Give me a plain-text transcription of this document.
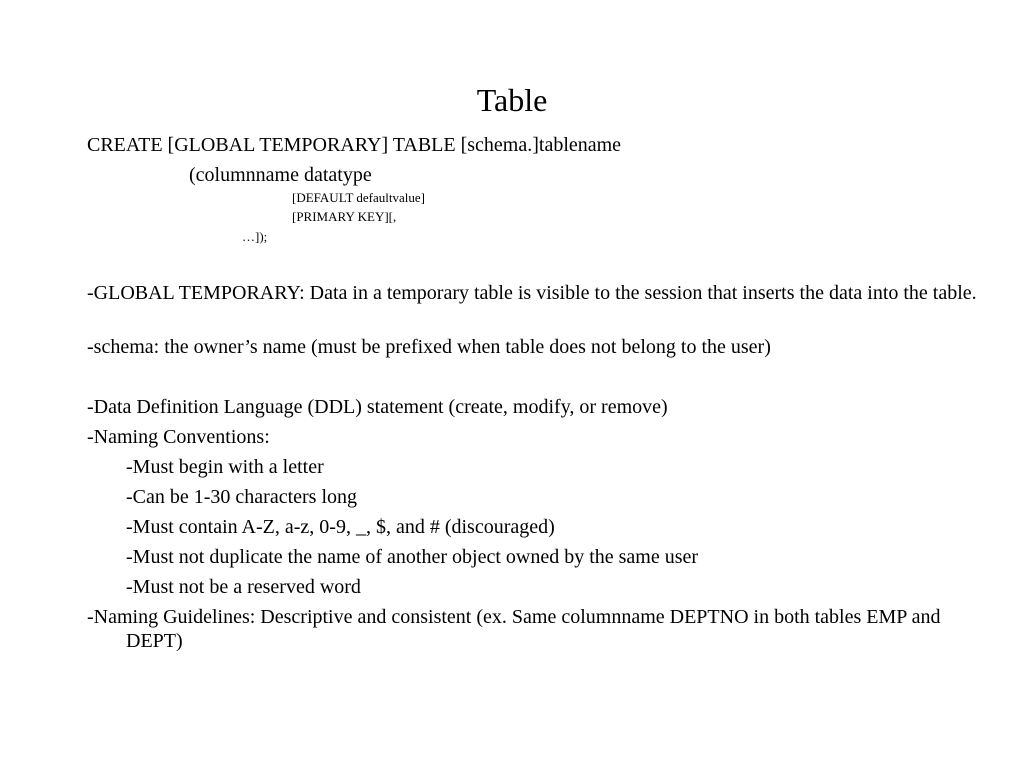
Table

CREATE [GLOBAL TEMPORARY] TABLE [schema.]tablename

(columnname datatype

[DEFAULT defaultvalue]

[PRIMARY KEY][,

…]);

-GLOBAL TEMPORARY: Data in a temporary table is visible to the session that inserts the data into the table.

-schema: the owner’s name (must be prefixed when table does not belong to the user)

-Data Definition Language (DDL) statement (create, modify, or remove)

-Naming Conventions:

-Must begin with a letter

-Can be 1-30 characters long

-Must contain A-Z, a-z, 0-9, _, $, and # (discouraged)

-Must not duplicate the name of another object owned by the same user

-Must not be a reserved word

-Naming Guidelines: Descriptive and consistent (ex. Same columnname DEPTNO in both tables EMP and DEPT)
